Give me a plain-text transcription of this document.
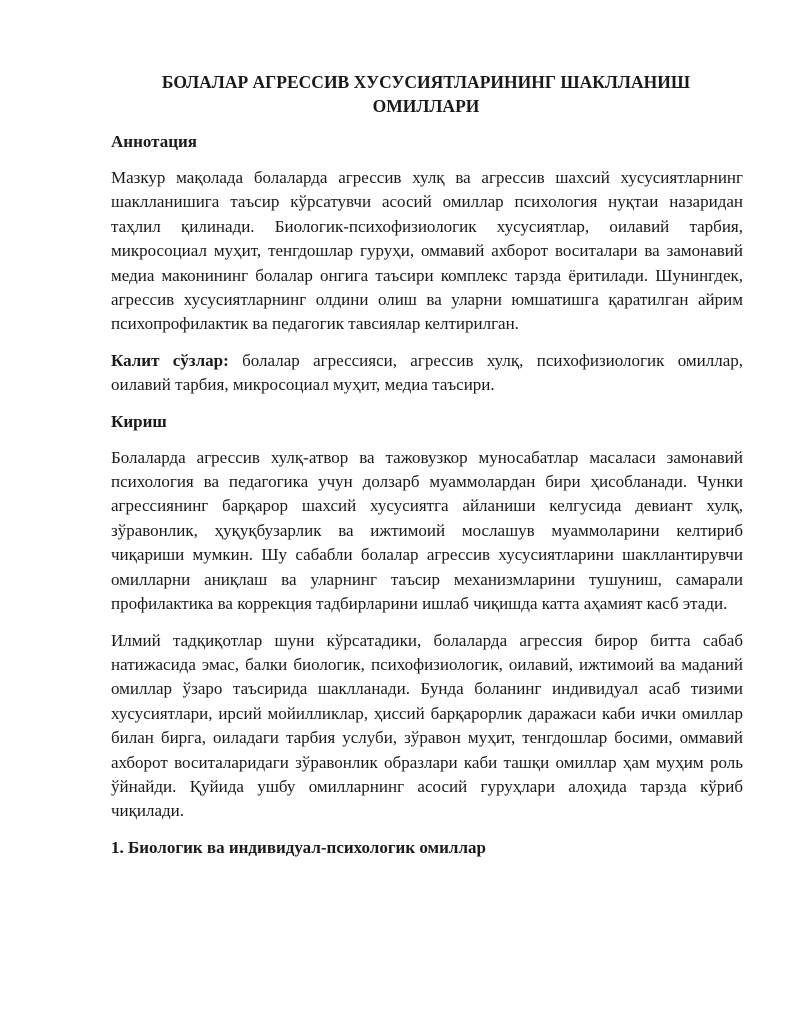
БОЛАЛАР АГРЕССИВ ХУСУСИЯТЛАРИНИНГ ШАКЛЛАНИШ
ОМИЛЛАРИ
Аннотация

Мазкур мақолада болаларда агрессив хулқ ва агрессив шахсий хусусиятларнинг шаклланишига таъсир кўрсатувчи асосий омиллар психология нуқтаи назаридан таҳлил қилинади. Биологик-психофизиологик хусусиятлар, оилавий тарбия, микросоциал муҳит, тенгдошлар гуруҳи, оммавий ахборот воситалари ва замонавий медиа маконининг болалар онгига таъсири комплекс тарзда ёритилади. Шунингдек, агрессив хусусиятларнинг олдини олиш ва уларни юмшатишга қаратилган айрим психопрофилактик ва педагогик тавсиялар келтирилган.

Калит сўзлар: болалар агрессияси, агрессив хулқ, психофизиологик омиллар, оилавий тарбия, микросоциал муҳит, медиа таъсири.

Кириш

Болаларда агрессив хулқ-атвор ва тажовузкор муносабатлар масаласи замонавий психология ва педагогика учун долзарб муаммолардан бири ҳисобланади. Чунки агрессиянинг барқарор шахсий хусусиятга айланиши келгусида девиант хулқ, зўравонлик, ҳуқуқбузарлик ва ижтимоий мослашув муаммоларини келтириб чиқариши мумкин. Шу сабабли болалар агрессив хусусиятларини шакллантирувчи омилларни аниқлаш ва уларнинг таъсир механизмларини тушуниш, самарали профилактика ва коррекция тадбирларини ишлаб чиқишда катта аҳамият касб этади.

Илмий тадқиқотлар шуни кўрсатадики, болаларда агрессия бирор битта сабаб натижасида эмас, балки биологик, психофизиологик, оилавий, ижтимоий ва маданий омиллар ўзаро таъсирида шаклланади. Бунда боланинг индивидуал асаб тизими хусусиятлари, ирсий мойилликлар, ҳиссий барқарорлик даражаси каби ички омиллар билан бирга, оиладаги тарбия услуби, зўравон муҳит, тенгдошлар босими, оммавий ахборот воситаларидаги зўравонлик образлари каби ташқи омиллар ҳам муҳим роль ўйнайди. Қуйида ушбу омилларнинг асосий гуруҳлари алоҳида тарзда кўриб чиқилади.

1. Биологик ва индивидуал-психологик омиллар
